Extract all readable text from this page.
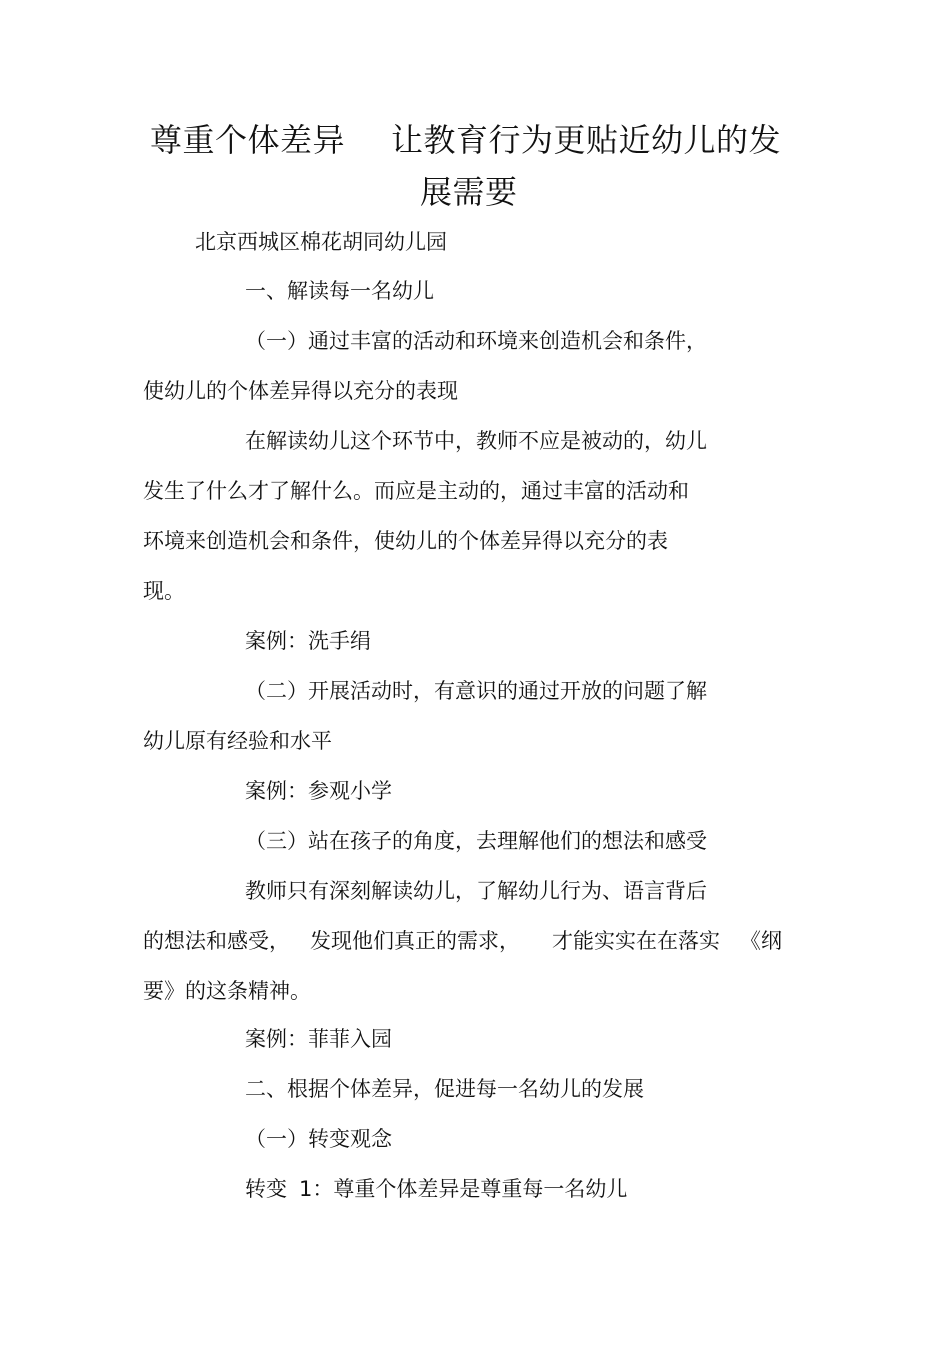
尊重个体差异 让教育行为更贴近幼儿的发
展需要
北京西城区棉花胡同幼儿园
一、解读每一名幼儿
（一）通过丰富的活动和环境来创造机会和条件，
使幼儿的个体差异得以充分的表现
在解读幼儿这个环节中，教师不应是被动的，幼儿
发生了什么才了解什么。而应是主动的，通过丰富的活动和
环境来创造机会和条件，使幼儿的个体差异得以充分的表
现。
案例：洗手绢
（二）开展活动时，有意识的通过开放的问题了解
幼儿原有经验和水平
案例：参观小学
（三）站在孩子的角度，去理解他们的想法和感受
教师只有深刻解读幼儿，了解幼儿行为、语言背后
的想法和感受， 发现他们真正的需求， 才能实实在在落实 《纲
要》的这条精神。
案例：菲菲入园
二、根据个体差异，促进每一名幼儿的发展
（一）转变观念
转变 1：尊重个体差异是尊重每一名幼儿
